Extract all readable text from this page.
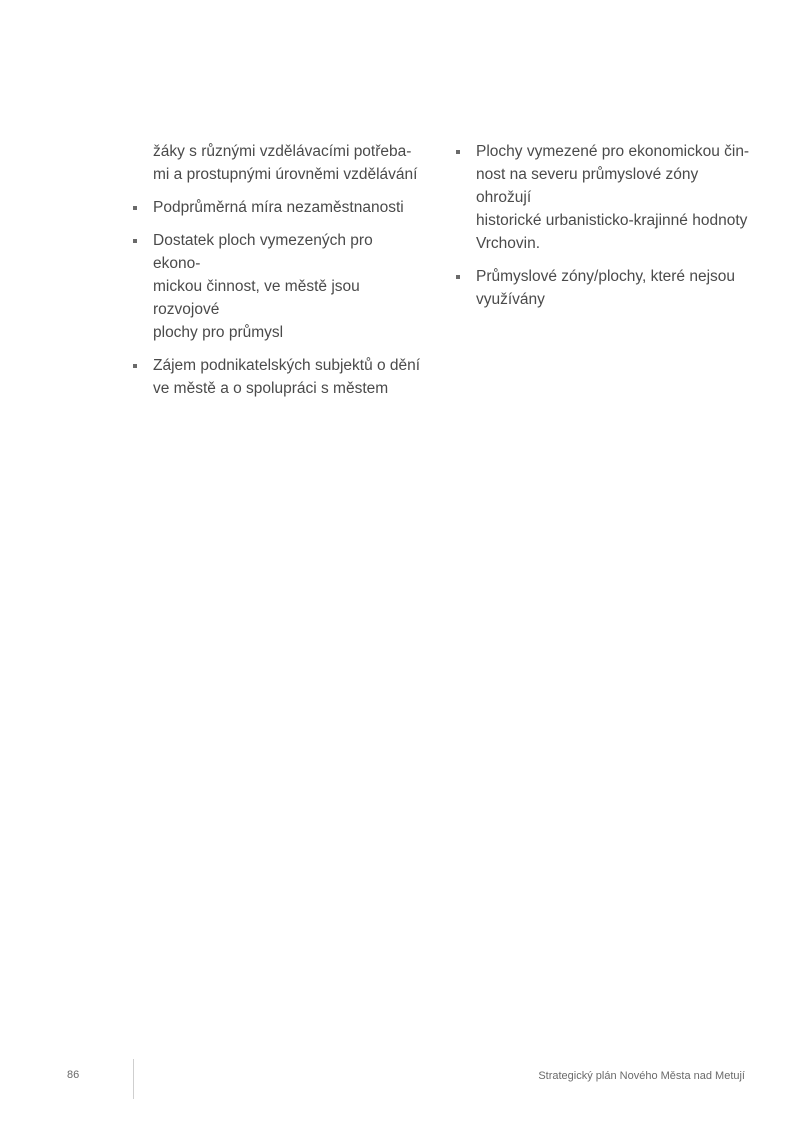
žáky s různými vzdělávacími potřeba-
mi a prostupnými úrovněmi vzdělávání
Podprůměrná míra nezaměstnanosti
Dostatek ploch vymezených pro ekono-
mickou činnost, ve městě jsou rozvojové
plochy pro průmysl
Zájem podnikatelských subjektů o dění
ve městě a o spolupráci s městem
Plochy vymezené pro ekonomickou čin-
nost na severu průmyslové zóny ohrožují
historické urbanisticko-krajinné hodnoty
Vrchovin.
Průmyslové zóny/plochy, které nejsou
využívány
86	Strategický plán Nového Města nad Metují
